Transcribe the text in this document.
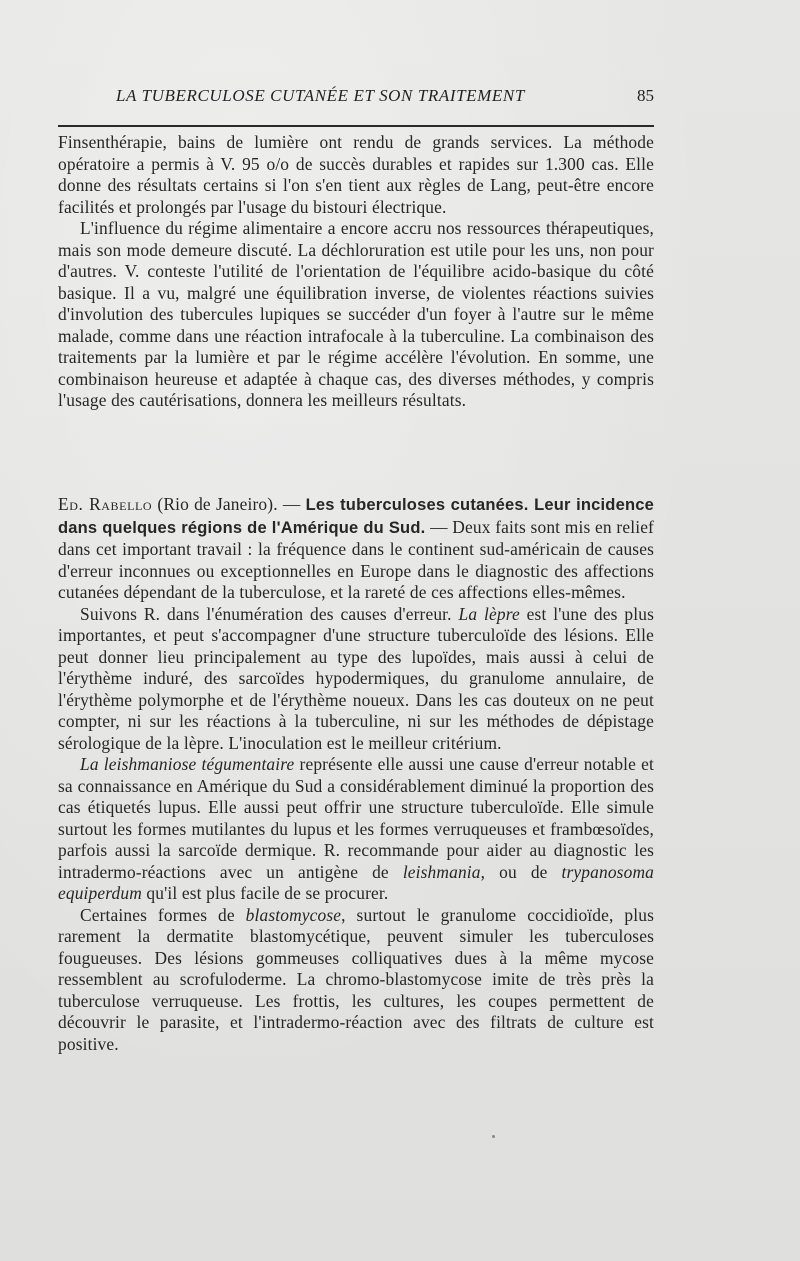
LA TUBERCULOSE CUTANÉE ET SON TRAITEMENT	85

Finsenthérapie, bains de lumière ont rendu de grands services. La méthode opératoire a permis à V. 95 o/o de succès durables et rapides sur 1.300 cas. Elle donne des résultats certains si l'on s'en tient aux règles de Lang, peut-être encore facilités et prolongés par l'usage du bistouri électrique.

L'influence du régime alimentaire a encore accru nos ressources thérapeutiques, mais son mode demeure discuté. La déchloruration est utile pour les uns, non pour d'autres. V. conteste l'utilité de l'orientation de l'équilibre acido-basique du côté basique. Il a vu, malgré une équilibration inverse, de violentes réactions suivies d'involution des tubercules lupiques se succéder d'un foyer à l'autre sur le même malade, comme dans une réaction intrafocale à la tuberculine. La combinaison des traitements par la lumière et par le régime accélère l'évolution. En somme, une combinaison heureuse et adaptée à chaque cas, des diverses méthodes, y compris l'usage des cautérisations, donnera les meilleurs résultats.

Ed. Rabello (Rio de Janeiro). — Les tuberculoses cutanées. Leur incidence dans quelques régions de l'Amérique du Sud. — Deux faits sont mis en relief dans cet important travail : la fréquence dans le continent sud-américain de causes d'erreur inconnues ou exceptionnelles en Europe dans le diagnostic des affections cutanées dépendant de la tuberculose, et la rareté de ces affections elles-mêmes.

Suivons R. dans l'énumération des causes d'erreur. La lèpre est l'une des plus importantes, et peut s'accompagner d'une structure tuberculoïde des lésions. Elle peut donner lieu principalement au type des lupoïdes, mais aussi à celui de l'érythème induré, des sarcoïdes hypodermiques, du granulome annulaire, de l'érythème polymorphe et de l'érythème noueux. Dans les cas douteux on ne peut compter, ni sur les réactions à la tuberculine, ni sur les méthodes de dépistage sérologique de la lèpre. L'inoculation est le meilleur critérium.

La leishmaniose tégumentaire représente elle aussi une cause d'erreur notable et sa connaissance en Amérique du Sud a considérablement diminué la proportion des cas étiquetés lupus. Elle aussi peut offrir une structure tuberculoïde. Elle simule surtout les formes mutilantes du lupus et les formes verruqueuses et frambœsoïdes, parfois aussi la sarcoïde dermique. R. recommande pour aider au diagnostic les intradermo-réactions avec un antigène de leishmania, ou de trypanosoma equiperdum qu'il est plus facile de se procurer.

Certaines formes de blastomycose, surtout le granulome coccidioïde, plus rarement la dermatite blastomycétique, peuvent simuler les tuberculoses fougueuses. Des lésions gommeuses colliquatives dues à la même mycose ressemblent au scrofuloderme. La chromo-blastomycose imite de très près la tuberculose verruqueuse. Les frottis, les cultures, les coupes permettent de découvrir le parasite, et l'intradermo-réaction avec des filtrats de culture est positive.
